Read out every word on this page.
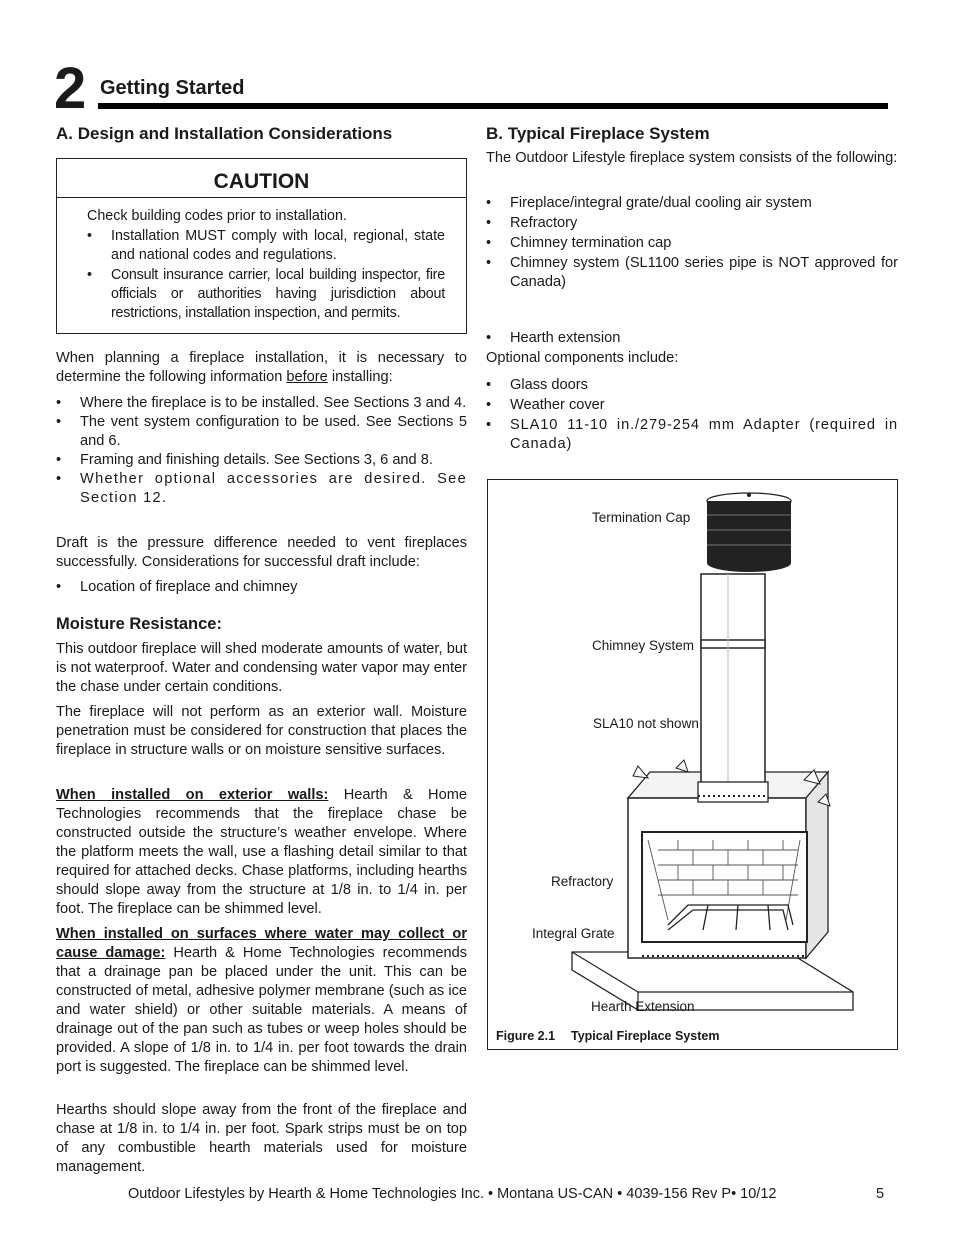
2 Getting Started
A. Design and Installation Considerations
CAUTION

Check building codes prior to installation.

• Installation MUST comply with local, regional, state and national codes and regulations.
• Consult insurance carrier, local building inspector, fire officials or authorities having jurisdiction about restrictions, installation inspection, and permits.

When planning a fireplace installation, it is necessary to determine the following information before installing:

• Where the fireplace is to be installed. See Sections 3 and 4.
• The vent system configuration to be used. See Sections 5 and 6.
• Framing and finishing details. See Sections 3, 6 and 8.
• Whether optional accessories are desired. See Section 12.

Draft is the pressure difference needed to vent fireplaces successfully. Considerations for successful draft include:

• Location of fireplace and chimney
Moisture Resistance:

This outdoor fireplace will shed moderate amounts of water, but is not waterproof. Water and condensing water vapor may enter the chase under certain conditions.

The fireplace will not perform as an exterior wall. Moisture penetration must be considered for construction that places the fireplace in structure walls or on moisture sensitive surfaces.

When installed on exterior walls: Hearth & Home Technologies recommends that the fireplace chase be constructed outside the structure’s weather envelope. Where the platform meets the wall, use a flashing detail similar to that required for attached decks. Chase platforms, including hearths should slope away from the structure at 1/8 in. to 1/4 in. per foot. The fireplace can be shimmed level.

When installed on surfaces where water may collect or cause damage: Hearth & Home Technologies recommends that a drainage pan be placed under the unit. This can be constructed of metal, adhesive polymer membrane (such as ice and water shield) or other suitable materials. A means of drainage out of the pan such as tubes or weep holes should be provided. A slope of 1/8 in. to 1/4 in. per foot towards the drain port is suggested. The fireplace can be shimmed level.

Hearths should slope away from the front of the fireplace and chase at 1/8 in. to 1/4 in. per foot. Spark strips must be on top of any combustible hearth materials used for moisture management.

B. Typical Fireplace System

The Outdoor Lifestyle fireplace system consists of the following:

• Fireplace/integral grate/dual cooling air system
• Refractory
• Chimney termination cap
• Chimney system (SL1100 series pipe is NOT approved for Canada)
• Hearth extension

Optional components include:

• Glass doors
• Weather cover
• SLA10 11-10 in./279-254 mm Adapter (required in Canada)
Termination Cap
Chimney System
SLA10 not shown
Refractory
Integral Grate
Hearth Extension
Figure 2.1 Typical Fireplace System
Outdoor Lifestyles by Hearth & Home Technologies Inc. • Montana US-CAN • 4039-156 Rev P• 10/12	5
